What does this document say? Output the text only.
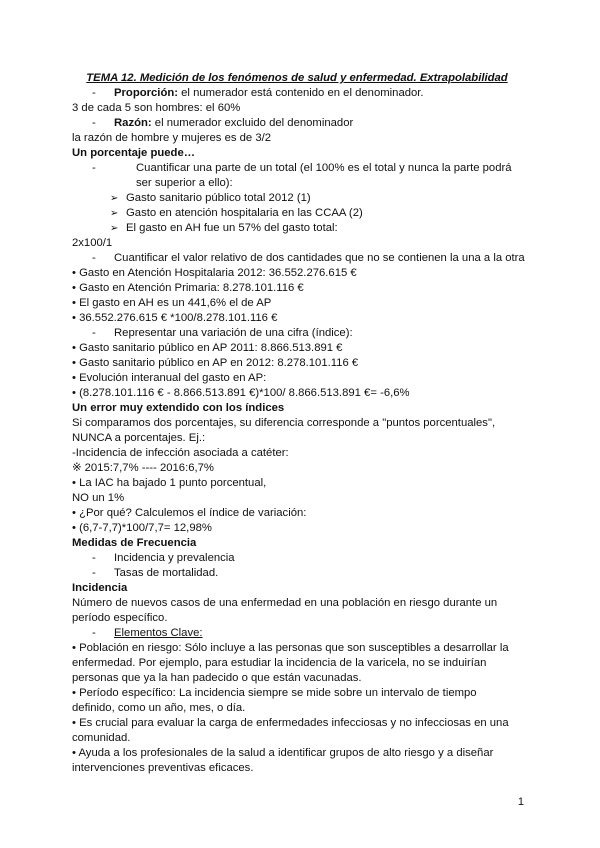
TEMA 12. Medición de los fenómenos de salud y enfermedad. Extrapolabilidad
- Proporción: el numerador está contenido en el denominador.
3 de cada 5 son hombres: el 60%
- Razón: el numerador excluido del denominador
la razón de hombre y mujeres es de 3/2
Un porcentaje puede…
-	Cuantificar una parte de un total (el 100% es el total y nunca la parte podrá ser superior a ello):
➢ Gasto sanitario público total 2012 (1)
➢ Gasto en atención hospitalaria en las CCAA (2)
➢ El gasto en AH fue un 57% del gasto total:
2x100/1
- Cuantificar el valor relativo de dos cantidades que no se contienen la una a la otra
• Gasto en Atención Hospitalaria 2012: 36.552.276.615 €
• Gasto en Atención Primaria: 8.278.101.116 €
• El gasto en AH es un 441,6% el de AP
• 36.552.276.615 € *100/8.278.101.116 €
- Representar una variación de una cifra (índice):
• Gasto sanitario público en AP 2011: 8.866.513.891 €
• Gasto sanitario público en AP en 2012: 8.278.101.116 €
• Evolución interanual del gasto en AP:
• (8.278.101.116 € - 8.866.513.891 €)*100/ 8.866.513.891 €= -6,6%
Un error muy extendido con los índices
Si comparamos dos porcentajes, su diferencia corresponde a "puntos porcentuales", NUNCA a porcentajes. Ej.:
-Incidencia de infección asociada a catéter:
※ 2015:7,7% ---- 2016:6,7%
• La IAC ha bajado 1 punto porcentual,
NO un 1%
• ¿Por qué? Calculemos el índice de variación:
• (6,7-7,7)*100/7,7= 12,98%
Medidas de Frecuencia
- Incidencia y prevalencia
- Tasas de mortalidad.
Incidencia
Número de nuevos casos de una enfermedad en una población en riesgo durante un período específico.
- Elementos Clave:
• Población en riesgo: Sólo incluye a las personas que son susceptibles a desarrollar la enfermedad. Por ejemplo, para estudiar la incidencia de la varicela, no se induirían personas que ya la han padecido o que están vacunadas.
• Período específico: La incidencia siempre se mide sobre un intervalo de tiempo definido, como un año, mes, o día.
• Es crucial para evaluar la carga de enfermedades infecciosas y no infecciosas en una comunidad.
• Ayuda a los profesionales de la salud a identificar grupos de alto riesgo y a diseñar intervenciones preventivas eficaces.
1
